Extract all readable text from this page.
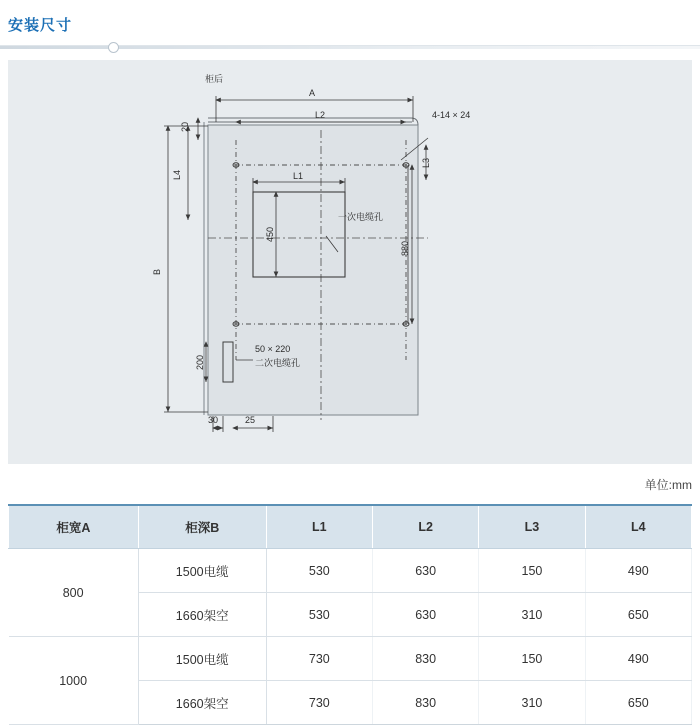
安装尺寸
柜后
A
L2
L1
20
L4
B
L3
880
450
200
30	25
4-14 × 24
一次电缆孔
50 × 220
二次电缆孔
单位:mm
柜宽A	柜深B	L1	L2	L3	L4
800	1500电缆	530	630	150	490
	1660架空	530	630	310	650
1000	1500电缆	730	830	150	490
	1660架空	730	830	310	650
